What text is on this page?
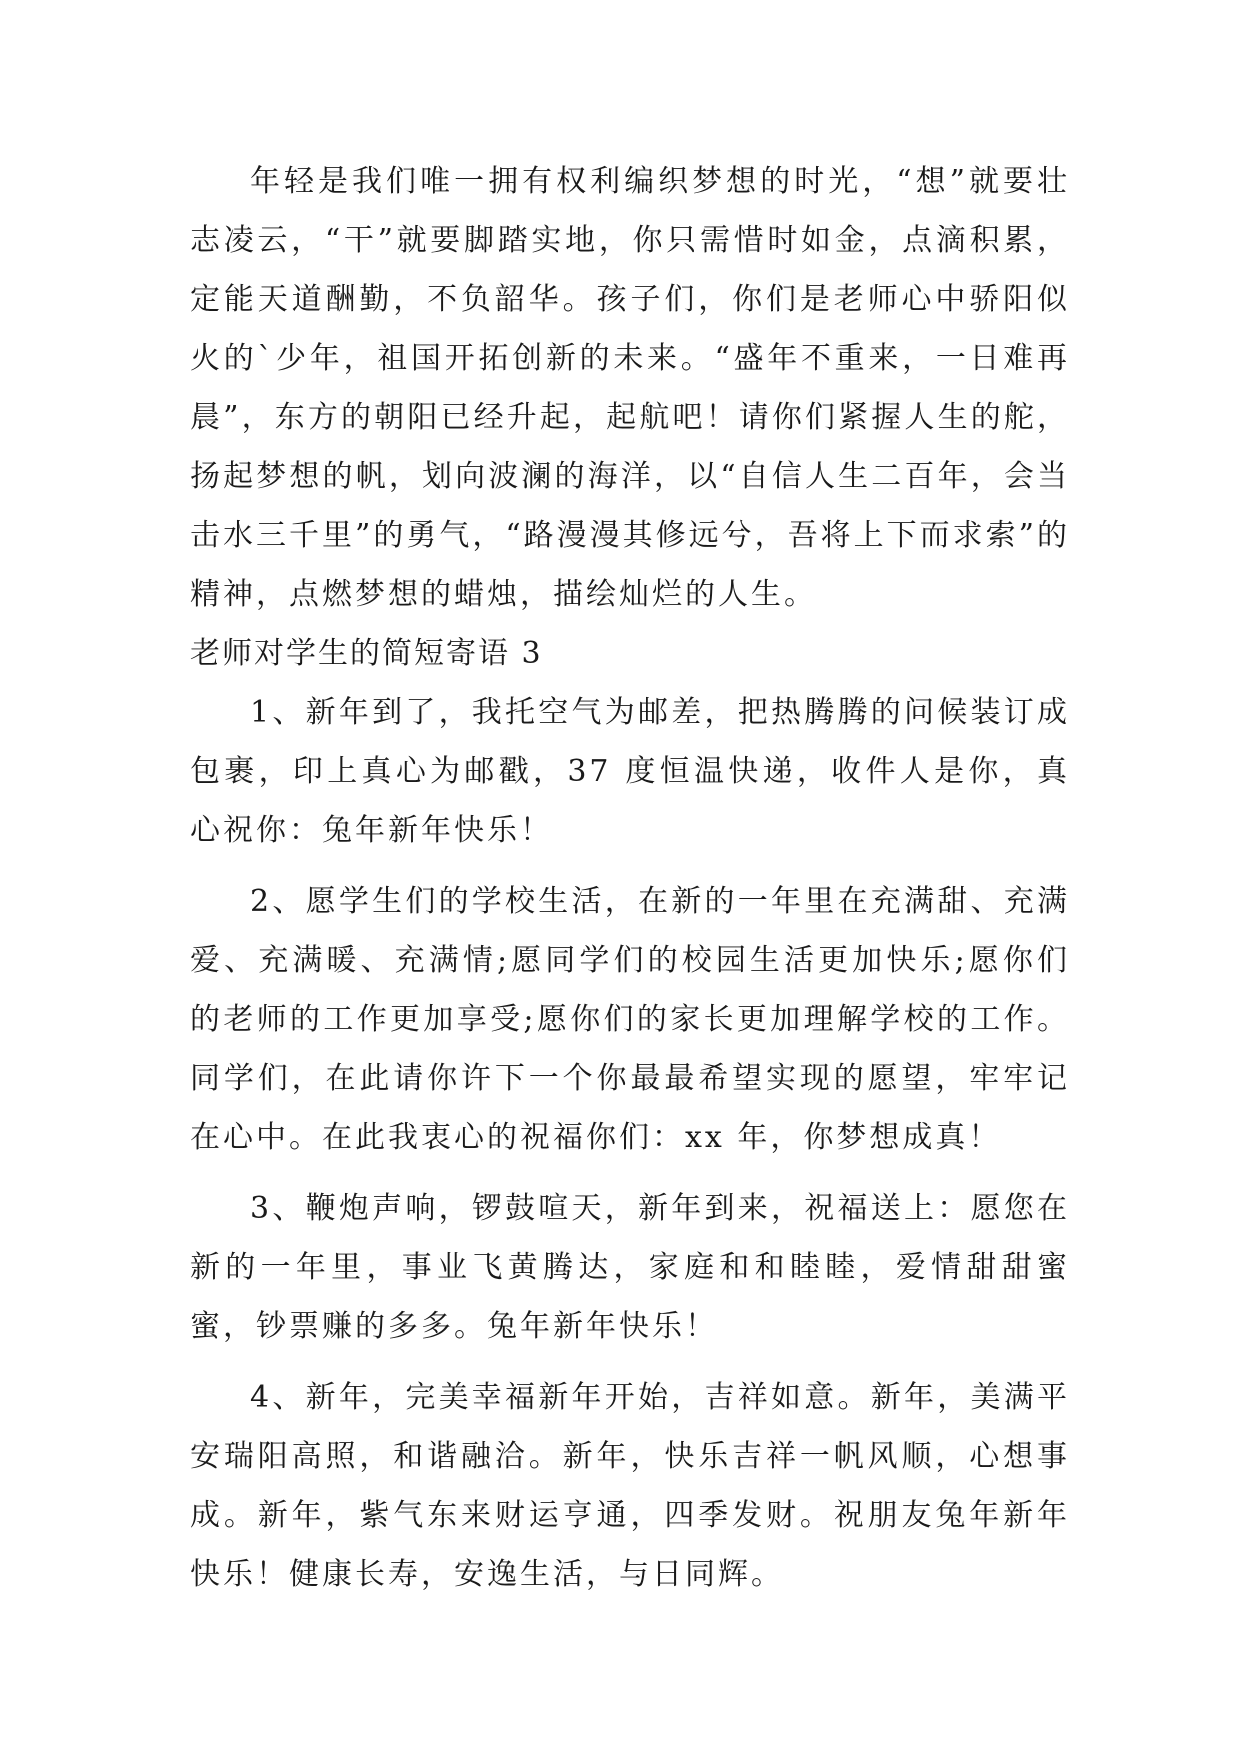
年轻是我们唯一拥有权利编织梦想的时光，“想”就要壮志凌云，“干”就要脚踏实地，你只需惜时如金，点滴积累，定能天道酬勤，不负韶华。孩子们，你们是老师心中骄阳似火的`少年，祖国开拓创新的未来。“盛年不重来，一日难再晨”，东方的朝阳已经升起，起航吧！请你们紧握人生的舵，扬起梦想的帆，划向波澜的海洋，以“自信人生二百年，会当击水三千里”的勇气，“路漫漫其修远兮，吾将上下而求索”的精神，点燃梦想的蜡烛，描绘灿烂的人生。

老师对学生的简短寄语 3

1、新年到了，我托空气为邮差，把热腾腾的问候装订成包裹，印上真心为邮戳，37 度恒温快递，收件人是你，真心祝你：兔年新年快乐！

2、愿学生们的学校生活，在新的一年里在充满甜、充满爱、充满暖、充满情;愿同学们的校园生活更加快乐;愿你们的老师的工作更加享受;愿你们的家长更加理解学校的工作。同学们，在此请你许下一个你最最希望实现的愿望，牢牢记在心中。在此我衷心的祝福你们：xx 年，你梦想成真！

3、鞭炮声响，锣鼓喧天，新年到来，祝福送上：愿您在新的一年里，事业飞黄腾达，家庭和和睦睦，爱情甜甜蜜蜜，钞票赚的多多。兔年新年快乐！

4、新年，完美幸福新年开始，吉祥如意。新年，美满平安瑞阳高照，和谐融洽。新年，快乐吉祥一帆风顺，心想事成。新年，紫气东来财运亨通，四季发财。祝朋友兔年新年快乐！健康长寿，安逸生活，与日同辉。
